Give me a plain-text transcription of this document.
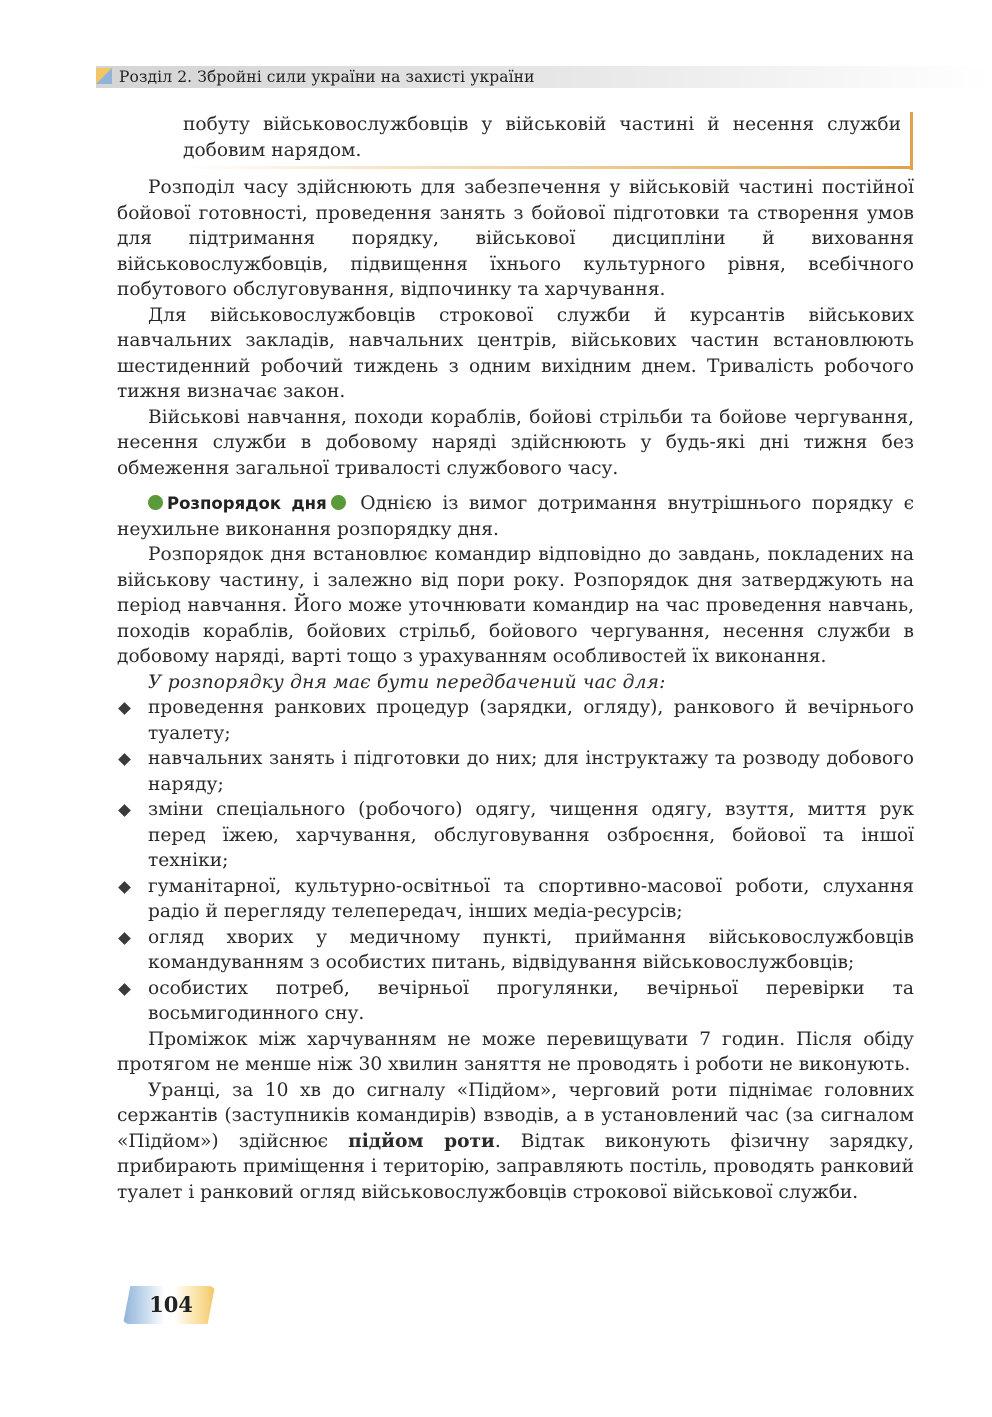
Розділ 2. Збройні сили україни на захисті україни
побуту військовослужбовців у військовій частині й несення служби добовим нарядом.

Розподіл часу здійснюють для забезпечення у військовій частині постійної бойової готовності, проведення занять з бойової підготовки та створення умов для підтримання порядку, військової дисципліни й виховання військовослужбовців, підвищення їхнього культурного рівня, всебічного побутового обслуговування, відпочинку та харчування.

Для військовослужбовців строкової служби й курсантів військових навчальних закладів, навчальних центрів, військових частин встановлюють шестиденний робочий тиждень з одним вихідним днем. Тривалість робочого тижня визначає закон.

Військові навчання, походи кораблів, бойові стрільби та бойове чергування, несення служби в добовому наряді здійснюють у будь-які дні тижня без обмеження загальної тривалості службового часу.

Розпорядок дня Однією із вимог дотримання внутрішнього порядку є неухильне виконання розпорядку дня.

Розпорядок дня встановлює командир відповідно до завдань, покладених на військову частину, і залежно від пори року. Розпорядок дня затверджують на період навчання. Його може уточнювати командир на час проведення навчань, походів кораблів, бойових стрільб, бойового чергування, несення служби в добовому наряді, варті тощо з урахуванням особливостей їх виконання.

У розпорядку дня має бути передбачений час для:

проведення ранкових процедур (зарядки, огляду), ранкового й вечірнього туалету;
навчальних занять і підготовки до них; для інструктажу та розводу добового наряду;
зміни спеціального (робочого) одягу, чищення одягу, взуття, миття рук перед їжею, харчування, обслуговування озброєння, бойової та іншої техніки;
гуманітарної, культурно-освітньої та спортивно-масової роботи, слухання радіо й перегляду телепередач, інших медіа-ресурсів;
огляд хворих у медичному пункті, приймання військовослужбовців командуванням з особистих питань, відвідування військовослужбовців;
особистих потреб, вечірньої прогулянки, вечірньої перевірки та восьмигодинного сну.

Проміжок між харчуванням не може перевищувати 7 годин. Після обіду протягом не менше ніж 30 хвилин заняття не проводять і роботи не виконують.

Уранці, за 10 хв до сигналу «Підйом», черговий роти піднімає головних сержантів (заступників командирів) взводів, а в установлений час (за сигналом «Підйом») здійснює підйом роти. Відтак виконують фізичну зарядку, прибирають приміщення і територію, заправляють постіль, проводять ранковий туалет і ранковий огляд військовослужбовців строкової військової служби.

104
